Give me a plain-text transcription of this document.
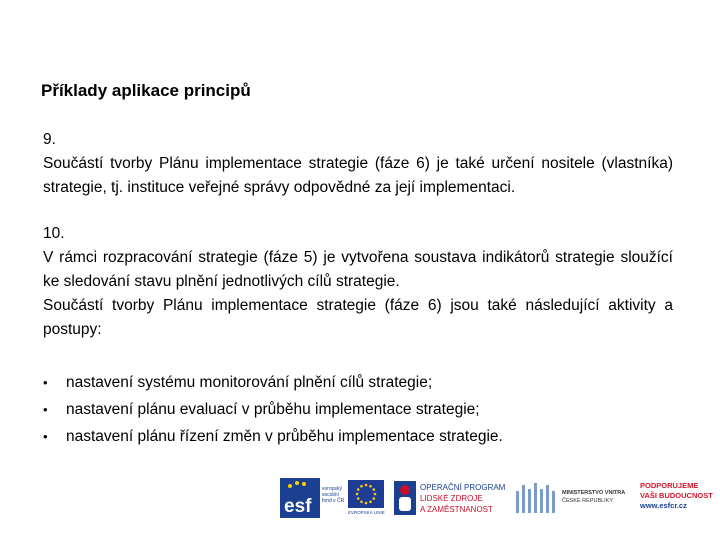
Příklady aplikace principů

9.

Součástí tvorby Plánu implementace strategie (fáze 6) je také určení nositele (vlastníka) strategie, tj. instituce veřejné správy odpovědné za její implementaci.

10.

V rámci rozpracování strategie (fáze 5) je vytvořena soustava indikátorů strategie sloužící ke sledování stavu plnění jednotlivých cílů strategie.

Součástí tvorby Plánu implementace strategie (fáze 6) jsou také následující aktivity a postupy:

• nastavení systému monitorování plnění cílů strategie;
• nastavení plánu evaluací v průběhu implementace strategie;
• nastavení plánu řízení změn v průběhu implementace strategie.
esf
evropský
sociální
fond v ČR
EVROPSKÁ UNIE
OPERAČNÍ PROGRAM
LIDSKÉ ZDROJE
A ZAMĚSTNANOST
MINISTERSTVO VNITRA
ČESKÉ REPUBLIKY
PODPORUJEME
VAŠI BUDOUCNOST
www.esfcr.cz
